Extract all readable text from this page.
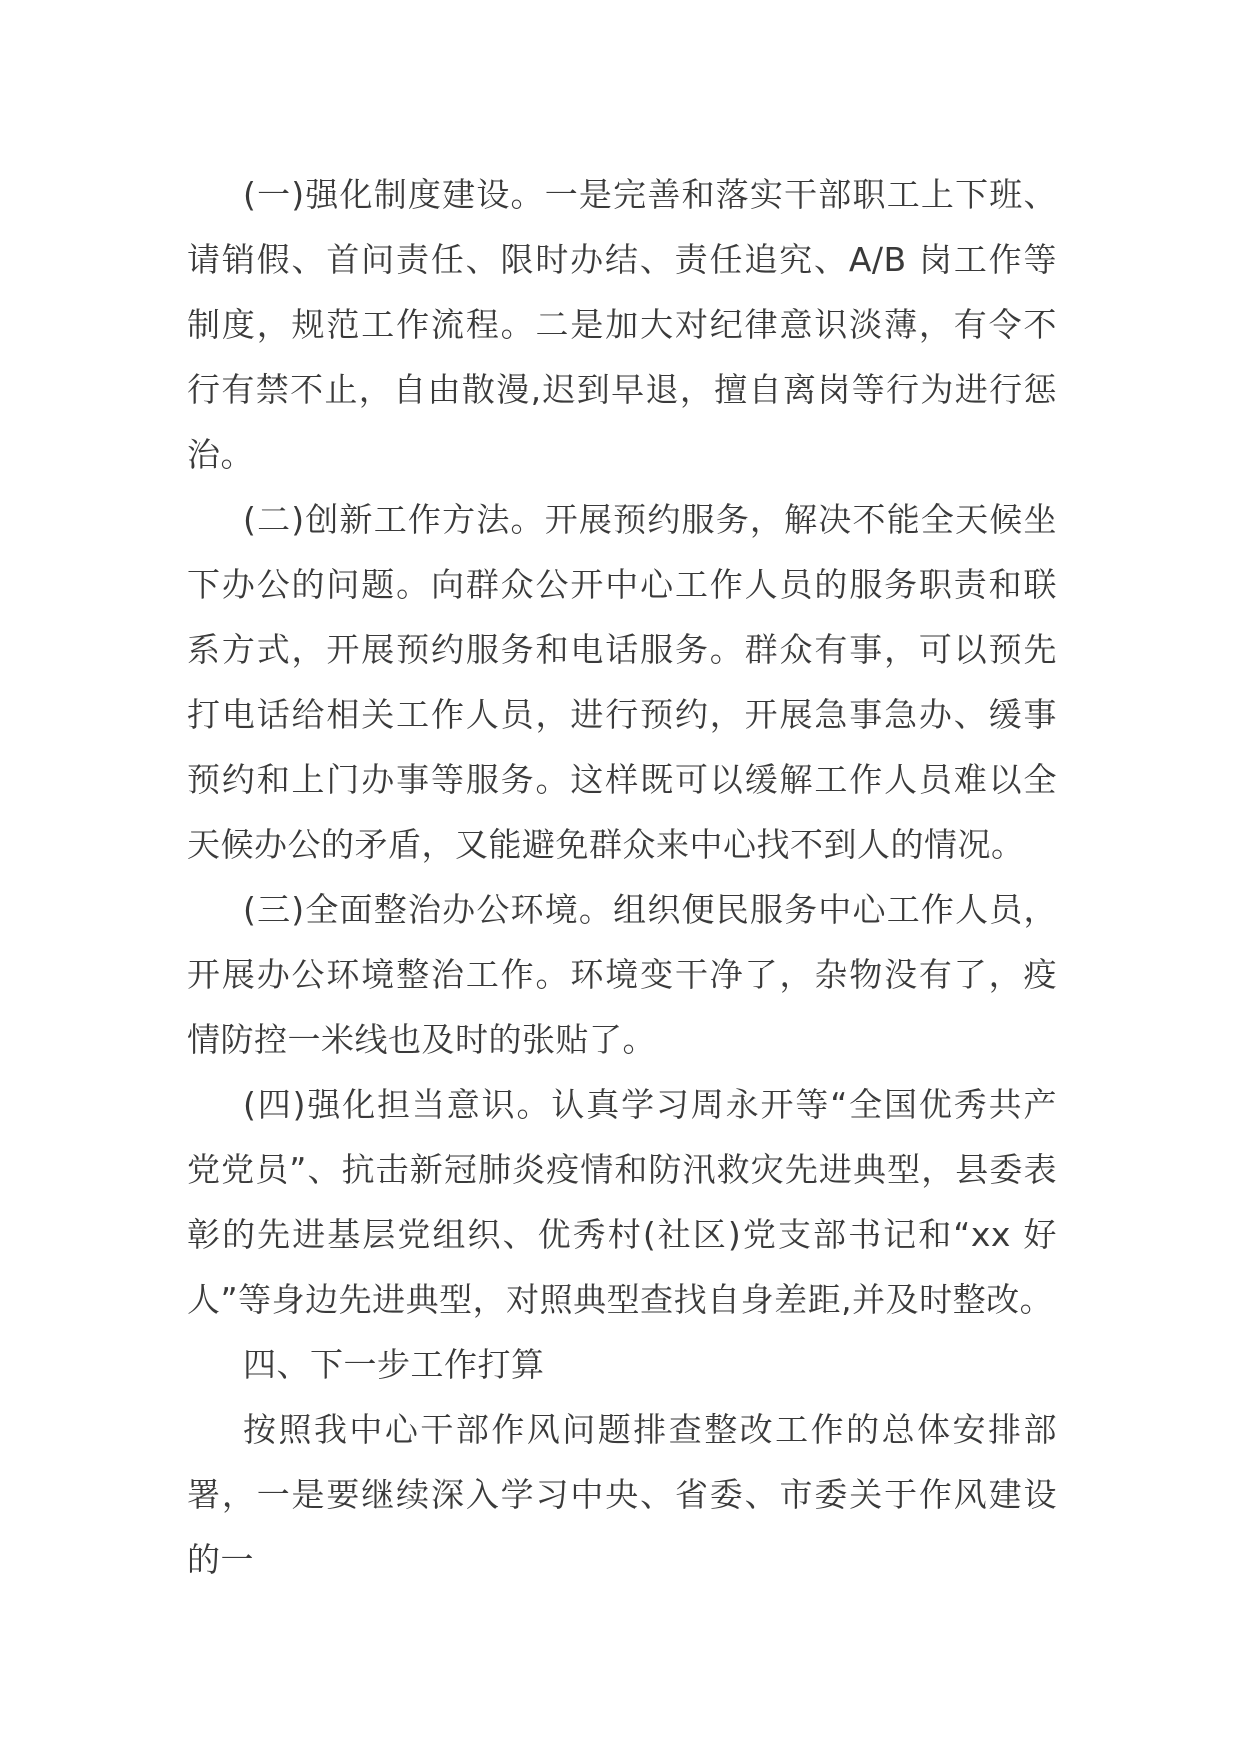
(一)强化制度建设。一是完善和落实干部职工上下班、请销假、首问责任、限时办结、责任追究、A/B 岗工作等制度，规范工作流程。二是加大对纪律意识淡薄，有令不行有禁不止，自由散漫,迟到早退，擅自离岗等行为进行惩治。

(二)创新工作方法。开展预约服务，解决不能全天候坐下办公的问题。向群众公开中心工作人员的服务职责和联系方式，开展预约服务和电话服务。群众有事，可以预先打电话给相关工作人员，进行预约，开展急事急办、缓事预约和上门办事等服务。这样既可以缓解工作人员难以全天候办公的矛盾，又能避免群众来中心找不到人的情况。

(三)全面整治办公环境。组织便民服务中心工作人员，开展办公环境整治工作。环境变干净了，杂物没有了，疫情防控一米线也及时的张贴了。

(四)强化担当意识。认真学习周永开等“全国优秀共产党党员”、抗击新冠肺炎疫情和防汛救灾先进典型，县委表彰的先进基层党组织、优秀村(社区)党支部书记和“xx 好人”等身边先进典型，对照典型查找自身差距,并及时整改。

四、下一步工作打算

按照我中心干部作风问题排查整改工作的总体安排部署，一是要继续深入学习中央、省委、市委关于作风建设的一
